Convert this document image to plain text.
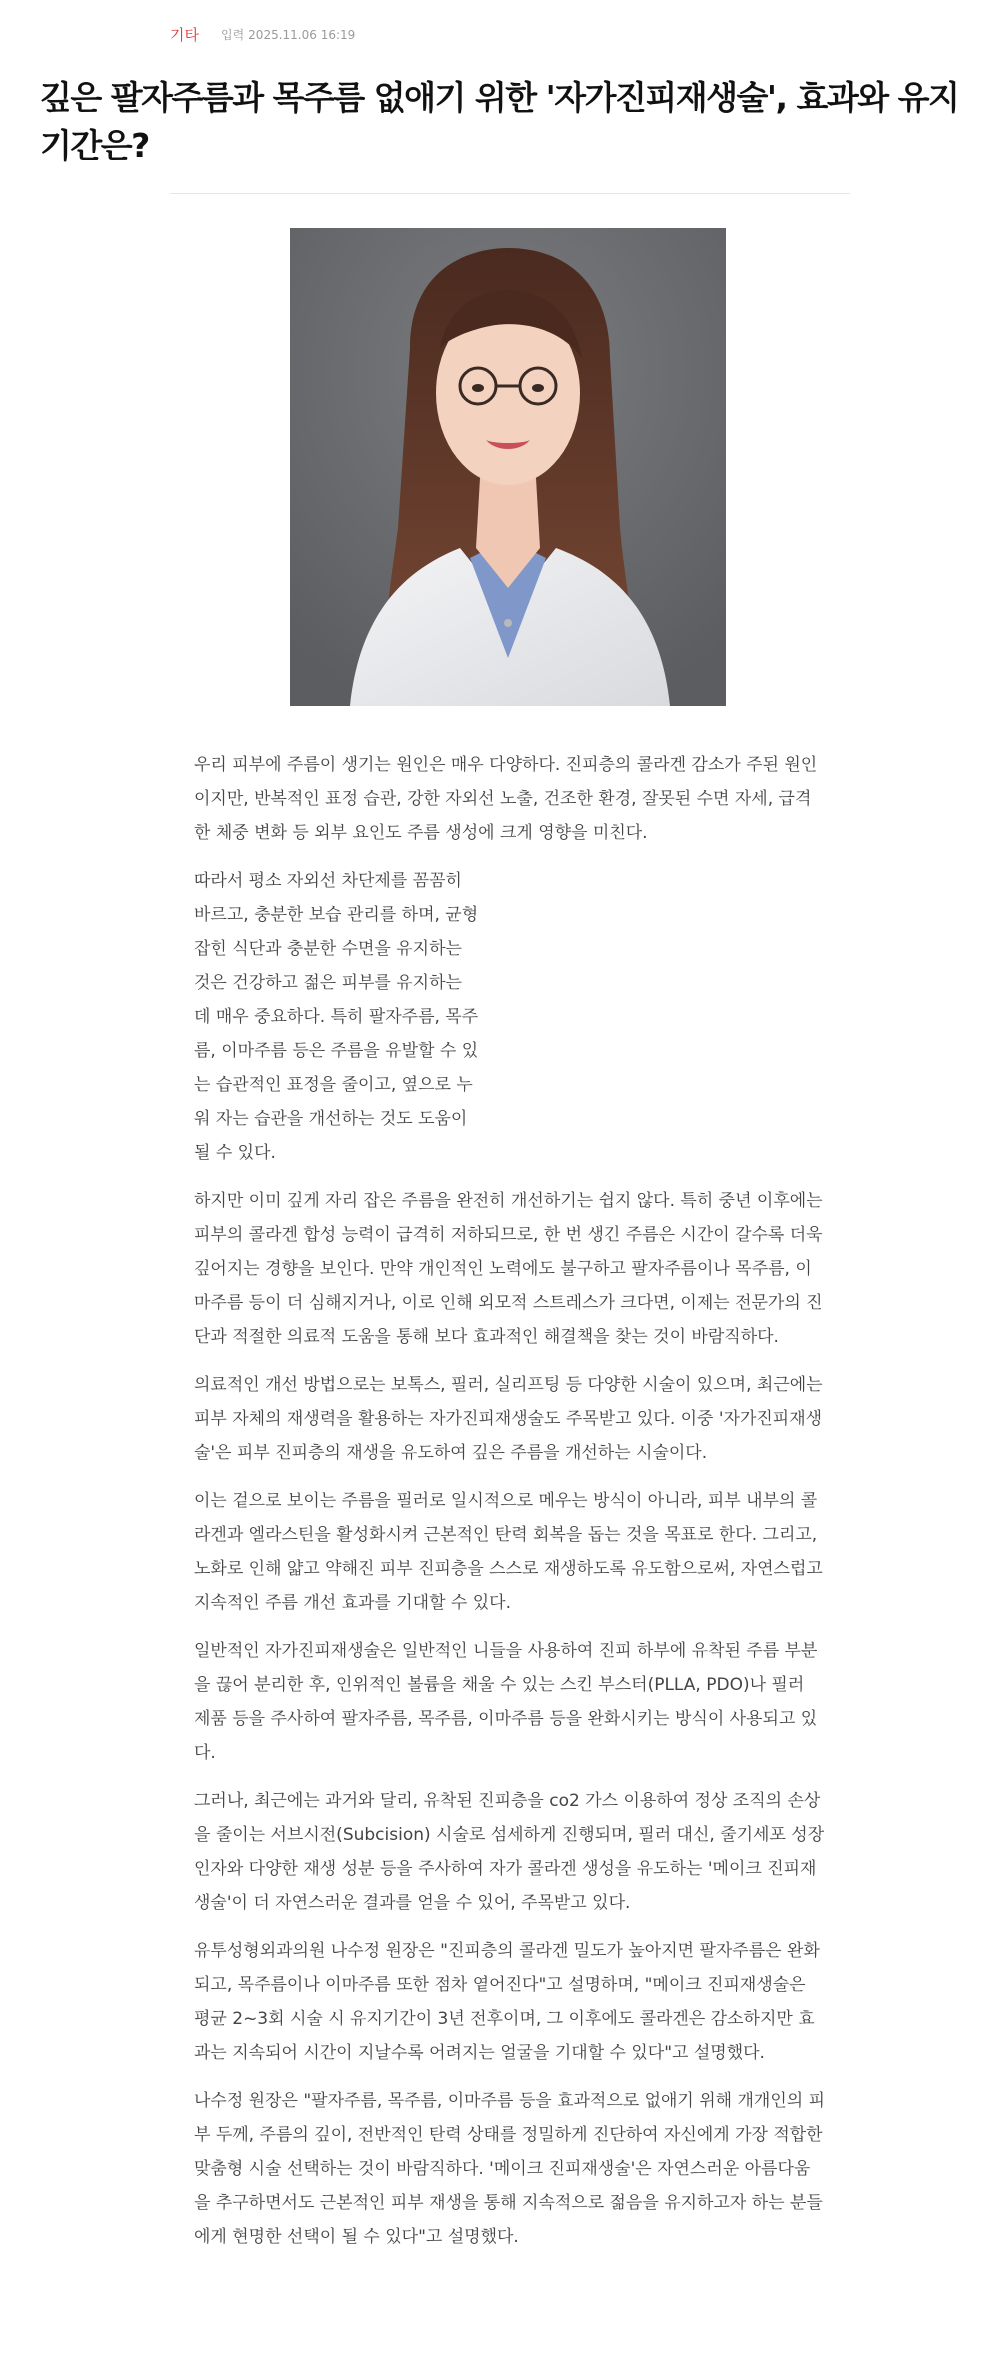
기타 입력 2025.11.06 16:19
깊은 팔자주름과 목주름 없애기 위한 '자가진피재생술', 효과와 유지기간은?

우리 피부에 주름이 생기는 원인은 매우 다양하다. 진피층의 콜라겐 감소가 주된 원인이지만, 반복적인 표정 습관, 강한 자외선 노출, 건조한 환경, 잘못된 수면 자세, 급격한 체중 변화 등 외부 요인도 주름 생성에 크게 영향을 미친다.

따라서 평소 자외선 차단제를 꼼꼼히 바르고, 충분한 보습 관리를 하며, 균형 잡힌 식단과 충분한 수면을 유지하는 것은 건강하고 젊은 피부를 유지하는 데 매우 중요하다. 특히 팔자주름, 목주름, 이마주름 등은 주름을 유발할 수 있는 습관적인 표정을 줄이고, 옆으로 누워 자는 습관을 개선하는 것도 도움이 될 수 있다.

하지만 이미 깊게 자리 잡은 주름을 완전히 개선하기는 쉽지 않다. 특히 중년 이후에는 피부의 콜라겐 합성 능력이 급격히 저하되므로, 한 번 생긴 주름은 시간이 갈수록 더욱 깊어지는 경향을 보인다. 만약 개인적인 노력에도 불구하고 팔자주름이나 목주름, 이마주름 등이 더 심해지거나, 이로 인해 외모적 스트레스가 크다면, 이제는 전문가의 진단과 적절한 의료적 도움을 통해 보다 효과적인 해결책을 찾는 것이 바람직하다.

의료적인 개선 방법으로는 보톡스, 필러, 실리프팅 등 다양한 시술이 있으며, 최근에는 피부 자체의 재생력을 활용하는 자가진피재생술도 주목받고 있다. 이중 '자가진피재생술'은 피부 진피층의 재생을 유도하여 깊은 주름을 개선하는 시술이다.

이는 겉으로 보이는 주름을 필러로 일시적으로 메우는 방식이 아니라, 피부 내부의 콜라겐과 엘라스틴을 활성화시켜 근본적인 탄력 회복을 돕는 것을 목표로 한다. 그리고, 노화로 인해 얇고 약해진 피부 진피층을 스스로 재생하도록 유도함으로써, 자연스럽고 지속적인 주름 개선 효과를 기대할 수 있다.

일반적인 자가진피재생술은 일반적인 니들을 사용하여 진피 하부에 유착된 주름 부분을 끊어 분리한 후, 인위적인 볼륨을 채울 수 있는 스킨 부스터(PLLA, PDO)나 필러 제품 등을 주사하여 팔자주름, 목주름, 이마주름 등을 완화시키는 방식이 사용되고 있다.

그러나, 최근에는 과거와 달리, 유착된 진피층을 co2 가스 이용하여 정상 조직의 손상을 줄이는 서브시전(Subcision) 시술로 섬세하게 진행되며, 필러 대신, 줄기세포 성장인자와 다양한 재생 성분 등을 주사하여 자가 콜라겐 생성을 유도하는 '메이크 진피재생술'이 더 자연스러운 결과를 얻을 수 있어, 주목받고 있다.

유투성형외과의원 나수정 원장은 "진피층의 콜라겐 밀도가 높아지면 팔자주름은 완화되고, 목주름이나 이마주름 또한 점차 옅어진다"고 설명하며, "메이크 진피재생술은 평균 2~3회 시술 시 유지기간이 3년 전후이며, 그 이후에도 콜라겐은 감소하지만 효과는 지속되어 시간이 지날수록 어려지는 얼굴을 기대할 수 있다"고 설명했다.

나수정 원장은 "팔자주름, 목주름, 이마주름 등을 효과적으로 없애기 위해 개개인의 피부 두께, 주름의 깊이, 전반적인 탄력 상태를 정밀하게 진단하여 자신에게 가장 적합한 맞춤형 시술 선택하는 것이 바람직하다. '메이크 진피재생술'은 자연스러운 아름다움을 추구하면서도 근본적인 피부 재생을 통해 지속적으로 젊음을 유지하고자 하는 분들에게 현명한 선택이 될 수 있다"고 설명했다.
